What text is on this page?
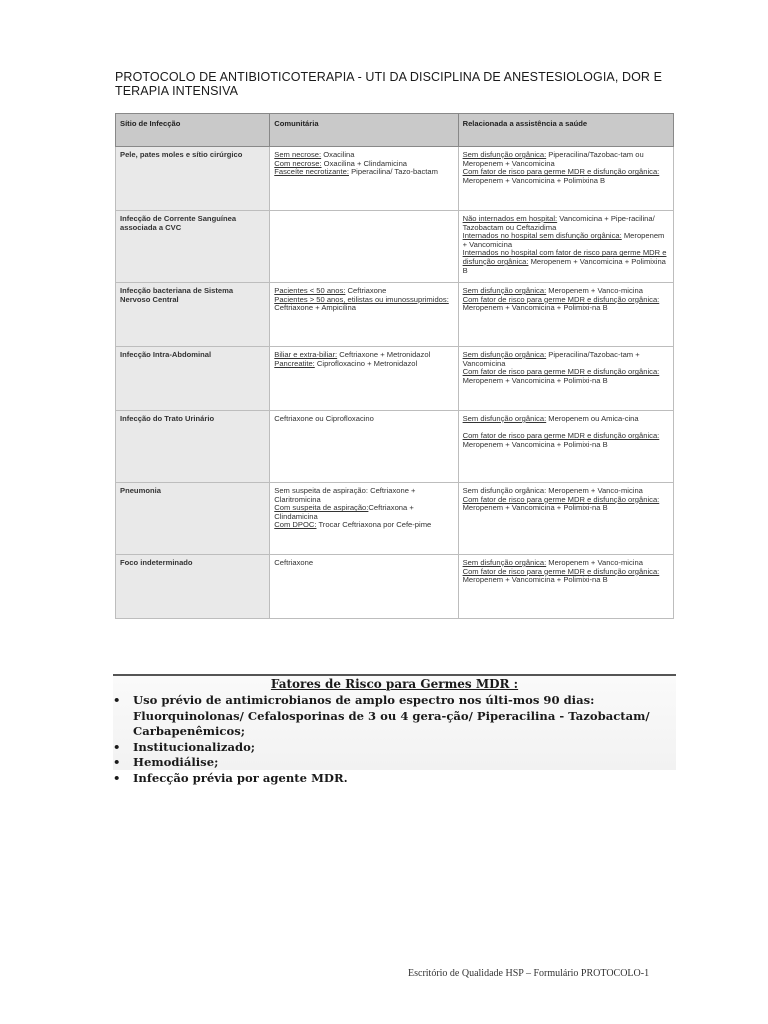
PROTOCOLO DE ANTIBIOTICOTERAPIA - UTI DA DISCIPLINA DE ANESTESIOLOGIA, DOR E
TERAPIA INTENSIVA
Sítio de Infecção	Comunitária	Relacionada a assistência a saúde
Pele, pates moles e sítio cirúrgico	Sem necrose: Oxacilina
Com necrose: Oxacilina + Clindamicina
Fasceíte necrotizante: Piperacilina/ Tazo-bactam	Sem disfunção orgânica: Piperacilina/Tazobac-tam ou Meropenem + Vancomicina
Com fator de risco para germe MDR e disfunção orgânica: Meropenem + Vancomicina + Polimixina B

Infecção de Corrente Sanguínea associada a CVC		Não internados em hospital: Vancomicina + Pipe-racilina/ Tazobactam ou Ceftazidima
Internados no hospital sem disfunção orgânica: Meropenem + Vancomicina
Internados no hospital com fator de risco para germe MDR e disfunção orgânica: Meropenem + Vancomicina + Polimixina B

Infecção bacteriana de Sistema Nervoso Central	Pacientes < 50 anos: Ceftriaxone
Pacientes > 50 anos, etilistas ou imunossuprimidos: Ceftriaxone + Ampicilina	Sem disfunção orgânica: Meropenem + Vanco-micina
Com fator de risco para germe MDR e disfunção orgânica: Meropenem + Vancomicina + Polimixi-na B

Infecção Intra-Abdominal	Biliar e extra-biliar: Ceftriaxone + Metronidazol
Pancreatite: Ciprofloxacino + Metronidazol	Sem disfunção orgânica: Piperacilina/Tazobac-tam + Vancomicina
Com fator de risco para germe MDR e disfunção orgânica: Meropenem + Vancomicina + Polimixi-na B

Infecção do Trato Urinário	Ceftriaxone ou Ciprofloxacino	Sem disfunção orgânica: Meropenem ou Amica-cina
Com fator de risco para germe MDR e disfunção orgânica: Meropenem + Vancomicina + Polimixi-na B

Pneumonia	Sem suspeita de aspiração: Ceftriaxone + Claritromicina
Com suspeita de aspiração:Ceftriaxona + Clindamicina
Com DPOC: Trocar Ceftriaxona por Cefe-pime	Sem disfunção orgânica: Meropenem + Vanco-micina
Com fator de risco para germe MDR e disfunção orgânica: Meropenem + Vancomicina + Polimixi-na B

Foco indeterminado	Ceftriaxone	Sem disfunção orgânica: Meropenem + Vanco-micina
Com fator de risco para germe MDR e disfunção orgânica: Meropenem + Vancomicina + Polimixi-na B
Fatores de Risco para Germes MDR :
• Uso prévio de antimicrobianos de amplo espectro nos últi-mos 90 dias: Fluorquinolonas/ Cefalosporinas de 3 ou 4 gera-ção/ Piperacilina - Tazobactam/ Carbapenêmicos;
• Institucionalizado;
• Hemodiálise;
• Infecção prévia por agente MDR.
Escritório de Qualidade HSP – Formulário PROTOCOLO-1
